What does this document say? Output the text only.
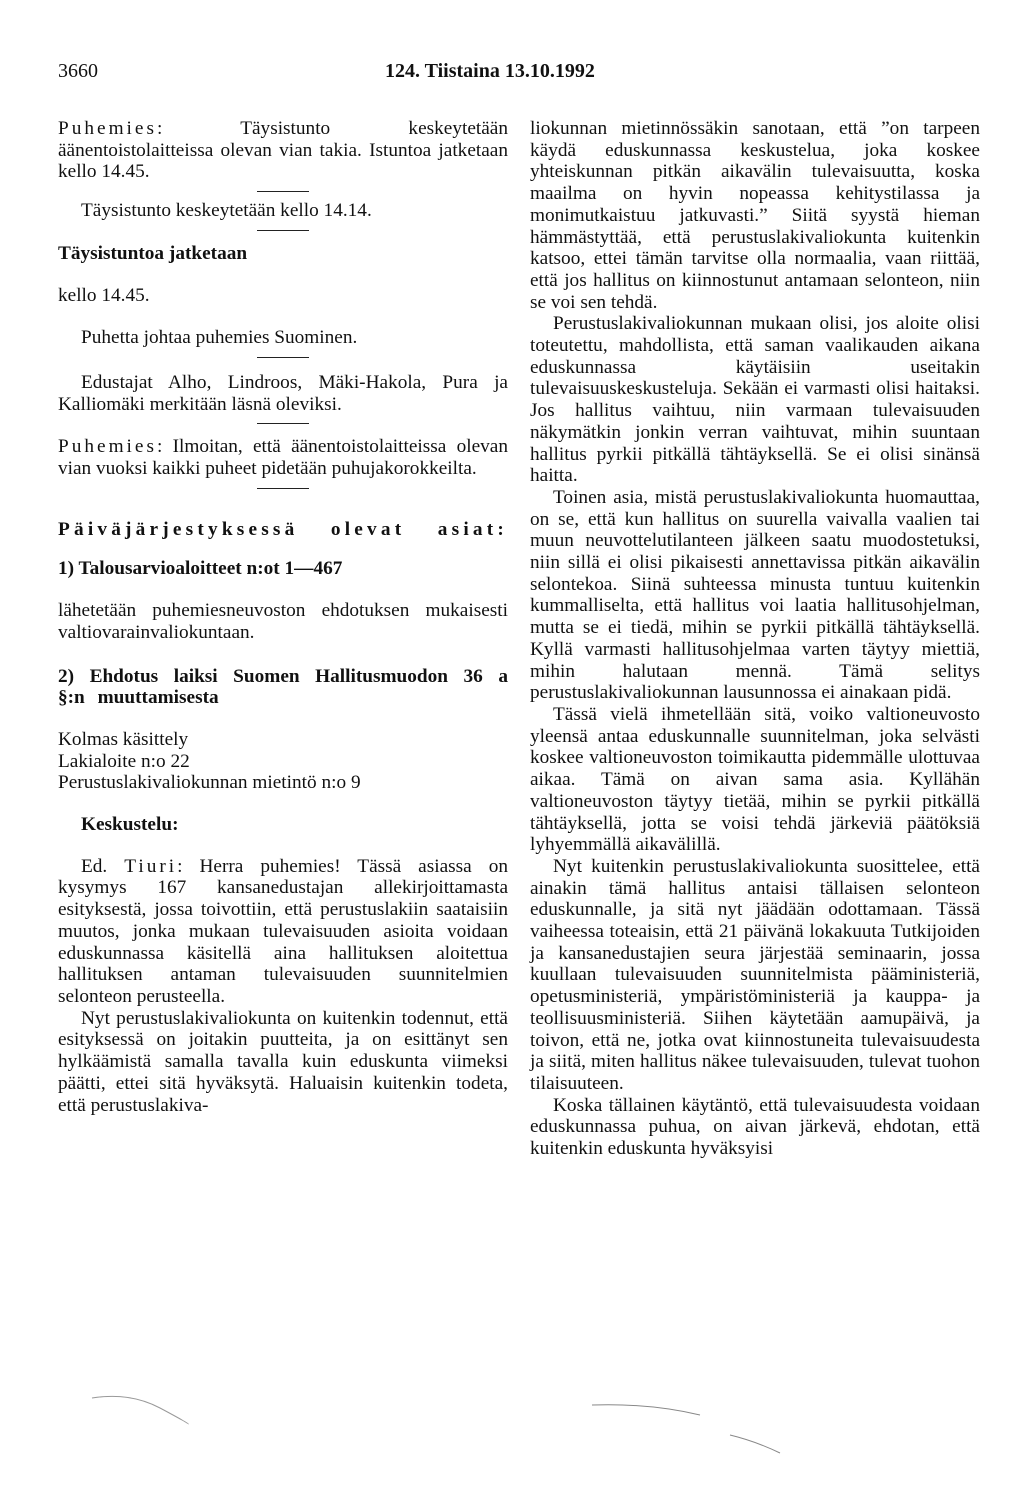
3660	124. Tiistaina 13.10.1992

Puhemies: Täysistunto keskeytetään äänentoistolaitteissa olevan vian takia. Istuntoa jatketaan kello 14.45.

Täysistunto keskeytetään kello 14.14.

Täysistuntoa jatketaan

kello 14.45.

Puhetta johtaa puhemies Suominen.

Edustajat Alho, Lindroos, Mäki-Hakola, Pura ja Kalliomäki merkitään läsnä oleviksi.

Puhemies: Ilmoitan, että äänentoistolaitteissa olevan vian vuoksi kaikki puheet pidetään puhujakorokkeilta.

Päiväjärjestyksessä olevat asiat:

1) Talousarvioaloitteet n:ot 1—467

lähetetään puhemiesneuvoston ehdotuksen mukaisesti valtiovarainvaliokuntaan.

2) Ehdotus laiksi Suomen Hallitusmuodon 36 a §:n muuttamisesta

Kolmas käsittely

Lakialoite n:o 22

Perustuslakivaliokunnan mietintö n:o 9

Keskustelu:

Ed. Tiuri: Herra puhemies! Tässä asiassa on kysymys 167 kansanedustajan allekirjoittamasta esityksestä, jossa toivottiin, että perustuslakiin saataisiin muutos, jonka mukaan tulevaisuuden asioita voidaan eduskunnassa käsitellä aina hallituksen aloitettua hallituksen antaman tulevaisuuden suunnitelmien selonteon perusteella.

Nyt perustuslakivaliokunta on kuitenkin todennut, että esityksessä on joitakin puutteita, ja on esittänyt sen hylkäämistä samalla tavalla kuin eduskunta viimeksi päätti, ettei sitä hyväksytä. Haluaisin kuitenkin todeta, että perustuslakiva-

liokunnan mietinnössäkin sanotaan, että ”on tarpeen käydä eduskunnassa keskustelua, joka koskee yhteiskunnan pitkän aikavälin tulevaisuutta, koska maailma on hyvin nopeassa kehitystilassa ja monimutkaistuu jatkuvasti.” Siitä syystä hieman hämmästyttää, että perustuslakivaliokunta kuitenkin katsoo, ettei tämän tarvitse olla normaalia, vaan riittää, että jos hallitus on kiinnostunut antamaan selonteon, niin se voi sen tehdä.

Perustuslakivaliokunnan mukaan olisi, jos aloite olisi toteutettu, mahdollista, että saman vaalikauden aikana eduskunnassa käytäisiin useitakin tulevaisuuskeskusteluja. Sekään ei varmasti olisi haitaksi. Jos hallitus vaihtuu, niin varmaan tulevaisuuden näkymätkin jonkin verran vaihtuvat, mihin suuntaan hallitus pyrkii pitkällä tähtäyksellä. Se ei olisi sinänsä haitta.

Toinen asia, mistä perustuslakivaliokunta huomauttaa, on se, että kun hallitus on suurella vaivalla vaalien tai muun neuvottelutilanteen jälkeen saatu muodostetuksi, niin sillä ei olisi pikaisesti annettavissa pitkän aikavälin selontekoa. Siinä suhteessa minusta tuntuu kuitenkin kummalliselta, että hallitus voi laatia hallitusohjelman, mutta se ei tiedä, mihin se pyrkii pitkällä tähtäyksellä. Kyllä varmasti hallitusohjelmaa varten täytyy miettiä, mihin halutaan mennä. Tämä selitys perustuslakivaliokunnan lausunnossa ei ainakaan pidä.

Tässä vielä ihmetellään sitä, voiko valtioneuvosto yleensä antaa eduskunnalle suunnitelman, joka selvästi koskee valtioneuvoston toimikautta pidemmälle ulottuvaa aikaa. Tämä on aivan sama asia. Kyllähän valtioneuvoston täytyy tietää, mihin se pyrkii pitkällä tähtäyksellä, jotta se voisi tehdä järkeviä päätöksiä lyhyemmällä aikavälillä.

Nyt kuitenkin perustuslakivaliokunta suosittelee, että ainakin tämä hallitus antaisi tällaisen selonteon eduskunnalle, ja sitä nyt jäädään odottamaan. Tässä vaiheessa toteaisin, että 21 päivänä lokakuuta Tutkijoiden ja kansanedustajien seura järjestää seminaarin, jossa kuullaan tulevaisuuden suunnitelmista pääministeriä, opetusministeriä, ympäristöministeriä ja kauppa- ja teollisuusministeriä. Siihen käytetään aamupäivä, ja toivon, että ne, jotka ovat kiinnostuneita tulevaisuudesta ja siitä, miten hallitus näkee tulevaisuuden, tulevat tuohon tilaisuuteen.

Koska tällainen käytäntö, että tulevaisuudesta voidaan eduskunnassa puhua, on aivan järkevä, ehdotan, että kuitenkin eduskunta hyväksyisi
